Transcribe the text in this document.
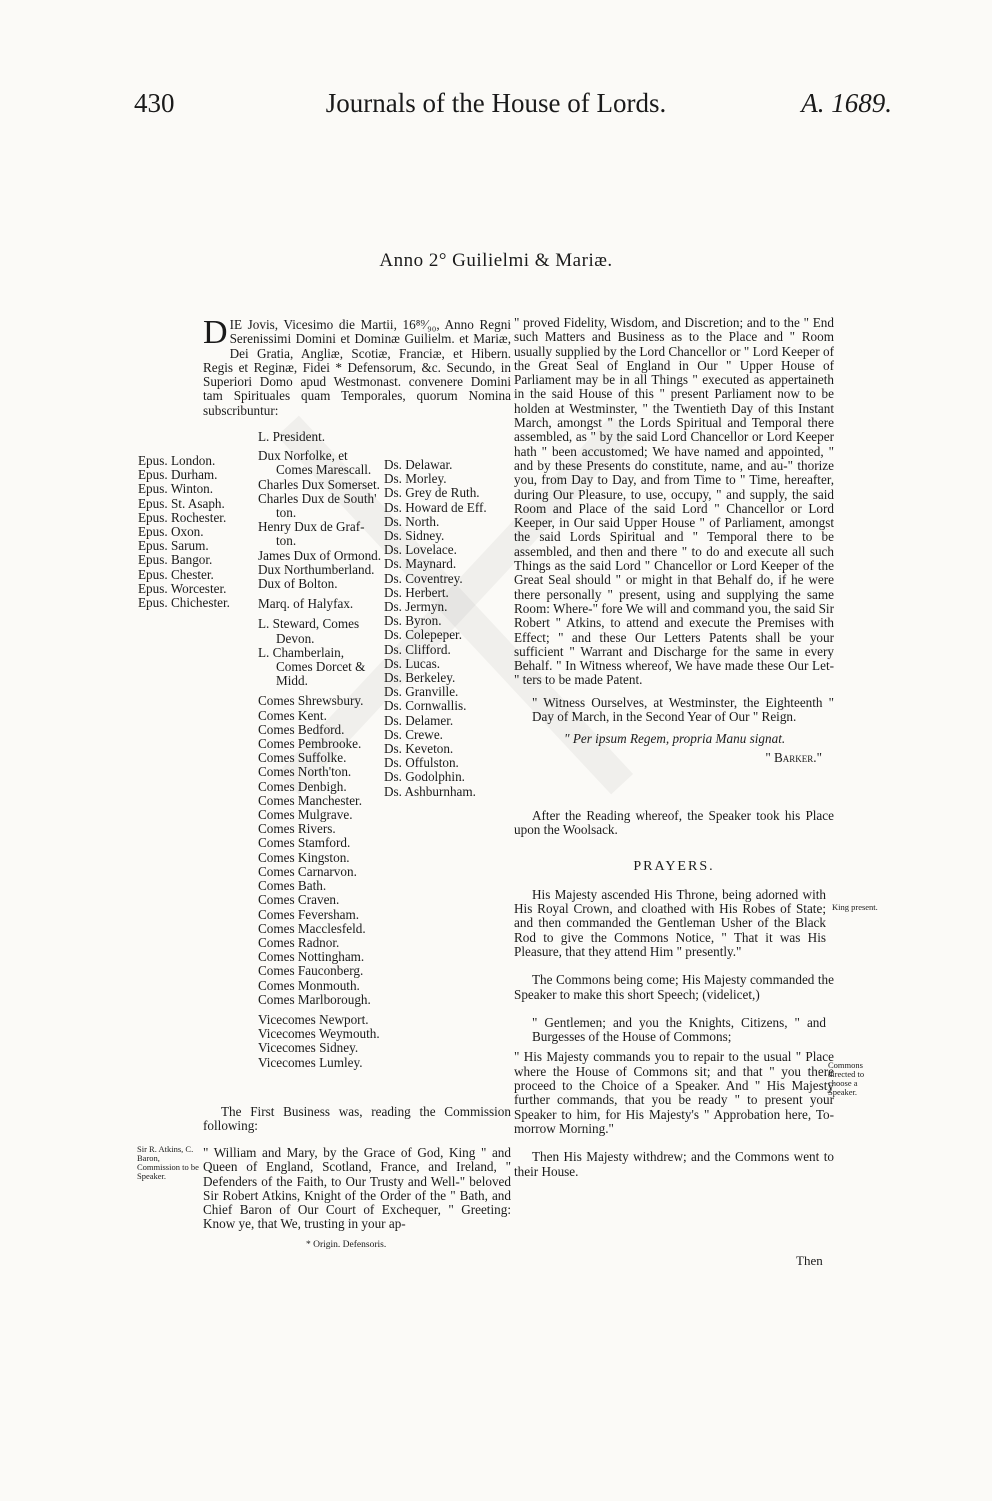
430	Journals of the House of Lords.	A. 1689.
Anno 2° Guilielmi & Mariæ.
DIE Jovis, Vicesimo die Martii, 16⁸⁹⁄₉₀, Anno Regni Serenissimi Domini et Dominæ Guilielm. et Mariæ, Dei Gratia, Angliæ, Scotiæ, Franciæ, et Hibern. Regis et Reginæ, Fidei * Defensorum, &c. Secundo, in Superiori Domo apud Westmonast. convenere Domini tam Spirituales quam Temporales, quorum Nomina subscribuntur:
Epus. London.
Epus. Durham.
Epus. Winton.
Epus. St. Asaph.
Epus. Rochester.
Epus. Oxon.
Epus. Sarum.
Epus. Bangor.
Epus. Chester.
Epus. Worcester.
Epus. Chichester.
L. President.
Dux Norfolke, et
Comes Marescall.
Charles Dux Somerset.
Charles Dux de South'
ton.
Henry Dux de Graf-
ton.
James Dux of Ormond.
Dux Northumberland.
Dux of Bolton.
Marq. of Halyfax.
L. Steward, Comes
Devon.
L. Chamberlain,
Comes Dorcet &
Midd.
Comes Shrewsbury.
Comes Kent.
Comes Bedford.
Comes Pembrooke.
Comes Suffolke.
Comes North'ton.
Comes Denbigh.
Comes Manchester.
Comes Mulgrave.
Comes Rivers.
Comes Stamford.
Comes Kingston.
Comes Carnarvon.
Comes Bath.
Comes Craven.
Comes Feversham.
Comes Macclesfeld.
Comes Radnor.
Comes Nottingham.
Comes Fauconberg.
Comes Monmouth.
Comes Marlborough.
Vicecomes Newport.
Vicecomes Weymouth.
Vicecomes Sidney.
Vicecomes Lumley.
Ds. Delawar.
Ds. Morley.
Ds. Grey de Ruth.
Ds. Howard de Eff.
Ds. North.
Ds. Sidney.
Ds. Lovelace.
Ds. Maynard.
Ds. Coventrey.
Ds. Herbert.
Ds. Jermyn.
Ds. Byron.
Ds. Colepeper.
Ds. Clifford.
Ds. Lucas.
Ds. Berkeley.
Ds. Granville.
Ds. Cornwallis.
Ds. Delamer.
Ds. Crewe.
Ds. Keveton.
Ds. Offulston.
Ds. Godolphin.
Ds. Ashburnham.

The First Business was, reading the Commission following:

Sir R. Atkins, C. Baron, Commission to be Speaker.

" William and Mary, by the Grace of God, King " and Queen of England, Scotland, France, and Ireland, " Defenders of the Faith, to Our Trusty and Well-" beloved Sir Robert Atkins, Knight of the Order of the " Bath, and Chief Baron of Our Court of Exchequer, " Greeting: Know ye, that We, trusting in your ap-

* Origin. Defensoris.

" proved Fidelity, Wisdom, and Discretion; and to the " End such Matters and Business as to the Place and " Room usually supplied by the Lord Chancellor or " Lord Keeper of the Great Seal of England in Our " Upper House of Parliament may be in all Things " executed as appertaineth in the said House of this " present Parliament now to be holden at Westminster, " the Twentieth Day of this Instant March, amongst " the Lords Spiritual and Temporal there assembled, as " by the said Lord Chancellor or Lord Keeper hath " been accustomed; We have named and appointed, " and by these Presents do constitute, name, and au-" thorize you, from Day to Day, and from Time to " Time, hereafter, during Our Pleasure, to use, occupy, " and supply, the said Room and Place of the said Lord " Chancellor or Lord Keeper, in Our said Upper House " of Parliament, amongst the said Lords Spiritual and " Temporal there to be assembled, and then and there " to do and execute all such Things as the said Lord " Chancellor or Lord Keeper of the Great Seal should " or might in that Behalf do, if he were there personally " present, using and supplying the same Room: Where-" fore We will and command you, the said Sir Robert " Atkins, to attend and execute the Premises with Effect; " and these Our Letters Patents shall be your sufficient " Warrant and Discharge for the same in every Behalf. " In Witness whereof, We have made these Our Let-" ters to be made Patent.

" Witness Ourselves, at Westminster, the Eighteenth " Day of March, in the Second Year of Our " Reign.

" Per ipsum Regem, propria Manu signat.

" Barker."

After the Reading whereof, the Speaker took his Place upon the Woolsack.

PRAYERS.

His Majesty ascended His Throne, being adorned with His Royal Crown, and cloathed with His Robes of State; and then commanded the Gentleman Usher of the Black Rod to give the Commons Notice, " That it was His Pleasure, that they attend Him " presently."

The Commons being come; His Majesty commanded the Speaker to make this short Speech; (videlicet,)

" Gentlemen; and you the Knights, Citizens, " and Burgesses of the House of Commons;

" His Majesty commands you to repair to the usual " Place where the House of Commons sit; and that " you there proceed to the Choice of a Speaker. And " His Majesty further commands, that you be ready " to present your Speaker to him, for His Majesty's " Approbation here, To-morrow Morning."

Then His Majesty withdrew; and the Commons went to their House.

King present.
Commons directed to choose a Speaker.
Then
